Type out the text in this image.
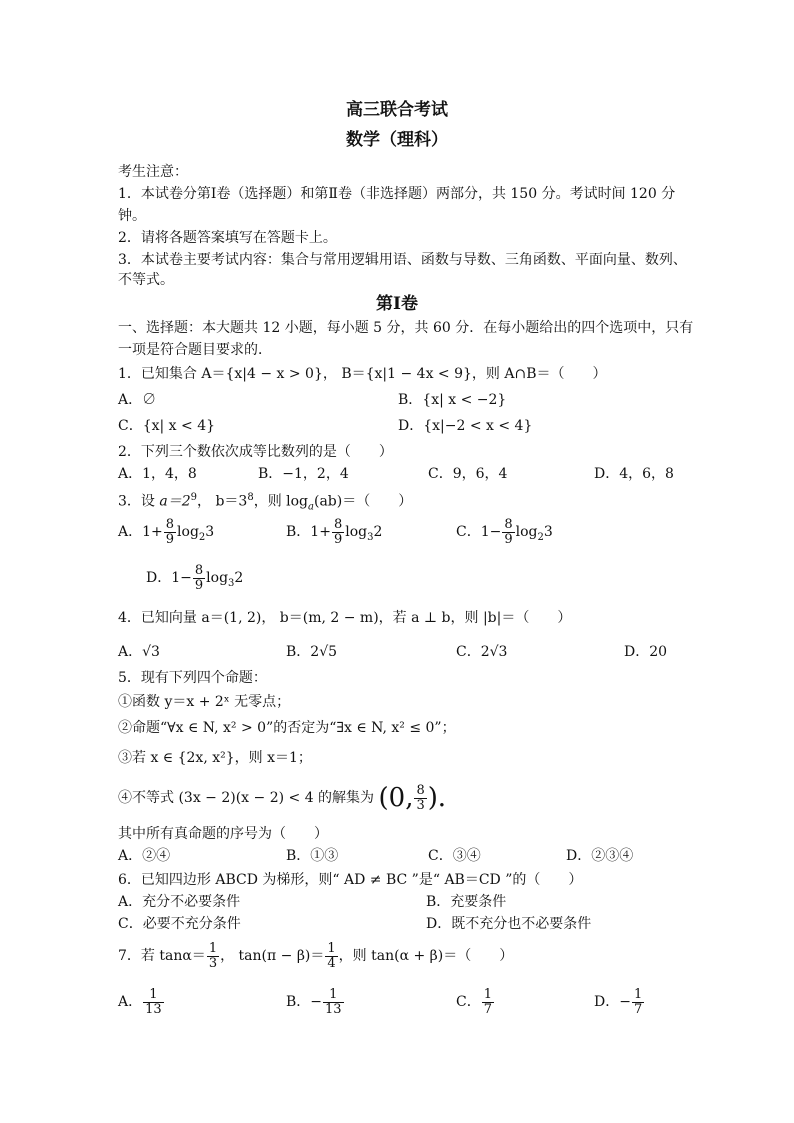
高三联合考试
数学（理科）
考生注意：
1．本试卷分第Ⅰ卷（选择题）和第Ⅱ卷（非选择题）两部分，共 150 分。考试时间 120 分
钟。
2．请将各题答案填写在答题卡上。
3．本试卷主要考试内容：集合与常用逻辑用语、函数与导数、三角函数、平面向量、数列、
不等式。
第Ⅰ卷
一、选择题：本大题共 12 小题，每小题 5 分，共 60 分．在每小题给出的四个选项中，只有
一项是符合题目要求的．
1．已知集合 A＝{x|4 − x > 0}， B＝{x|1 − 4x < 9}，则 A∩B＝（　　）
A．∅	B．{x| x < −2}
C．{x| x < 4}	D．{x|−2 < x < 4}
2．下列三个数依次成等比数列的是（　　）
A．1，4，8	B．−1，2，4	C．9，6，4	D．4，6，8
3．设 $a=2^9$， $b=3^8$，则 $\log_a(ab)=$（　　）
A．$1+ \frac{8}{9} \log_23$	B．$1+ \frac{8}{9} \log_32$	C．$1- \frac{8}{9} \log_23$
D．$1- \frac{8}{9} \log_32$
4．已知向量 a＝(1, 2)， b＝(m, 2 − m)，若 a ⊥ b，则 |b|＝（　　）
A．√3	B．2√5	C．2√3	D．20
5．现有下列四个命题：
①函数 y＝x + 2ˣ 无零点；
②命题“∀x ∈ N, x² > 0”的否定为“∃x ∈ N, x² ≤ 0”；
③若 x ∈ {2x, x²}，则 x＝1；
④不等式 (3x − 2)(x − 2) < 4 的解集为 (0, $\frac{8}{3}$ )．
其中所有真命题的序号为（　　）
A．②④	B．①③	C．③④	D．②③④
6．已知四边形 ABCD 为梯形，则“ AD ≠ BC ”是“ AB＝CD ”的（　　）
A．充分不必要条件	B．充要条件
C．必要不充分条件	D．既不充分也不必要条件
7．若 $\tan\alpha= \frac{1}{3}$ ， $\tan(\pi - \beta)= \frac{1}{4}$ ，则 tan(α + β)＝（　　）
A． $\frac{1}{13}$	B．− $\frac{1}{13}$	C． $\frac{1}{7}$	D．− $\frac{1}{7}$
